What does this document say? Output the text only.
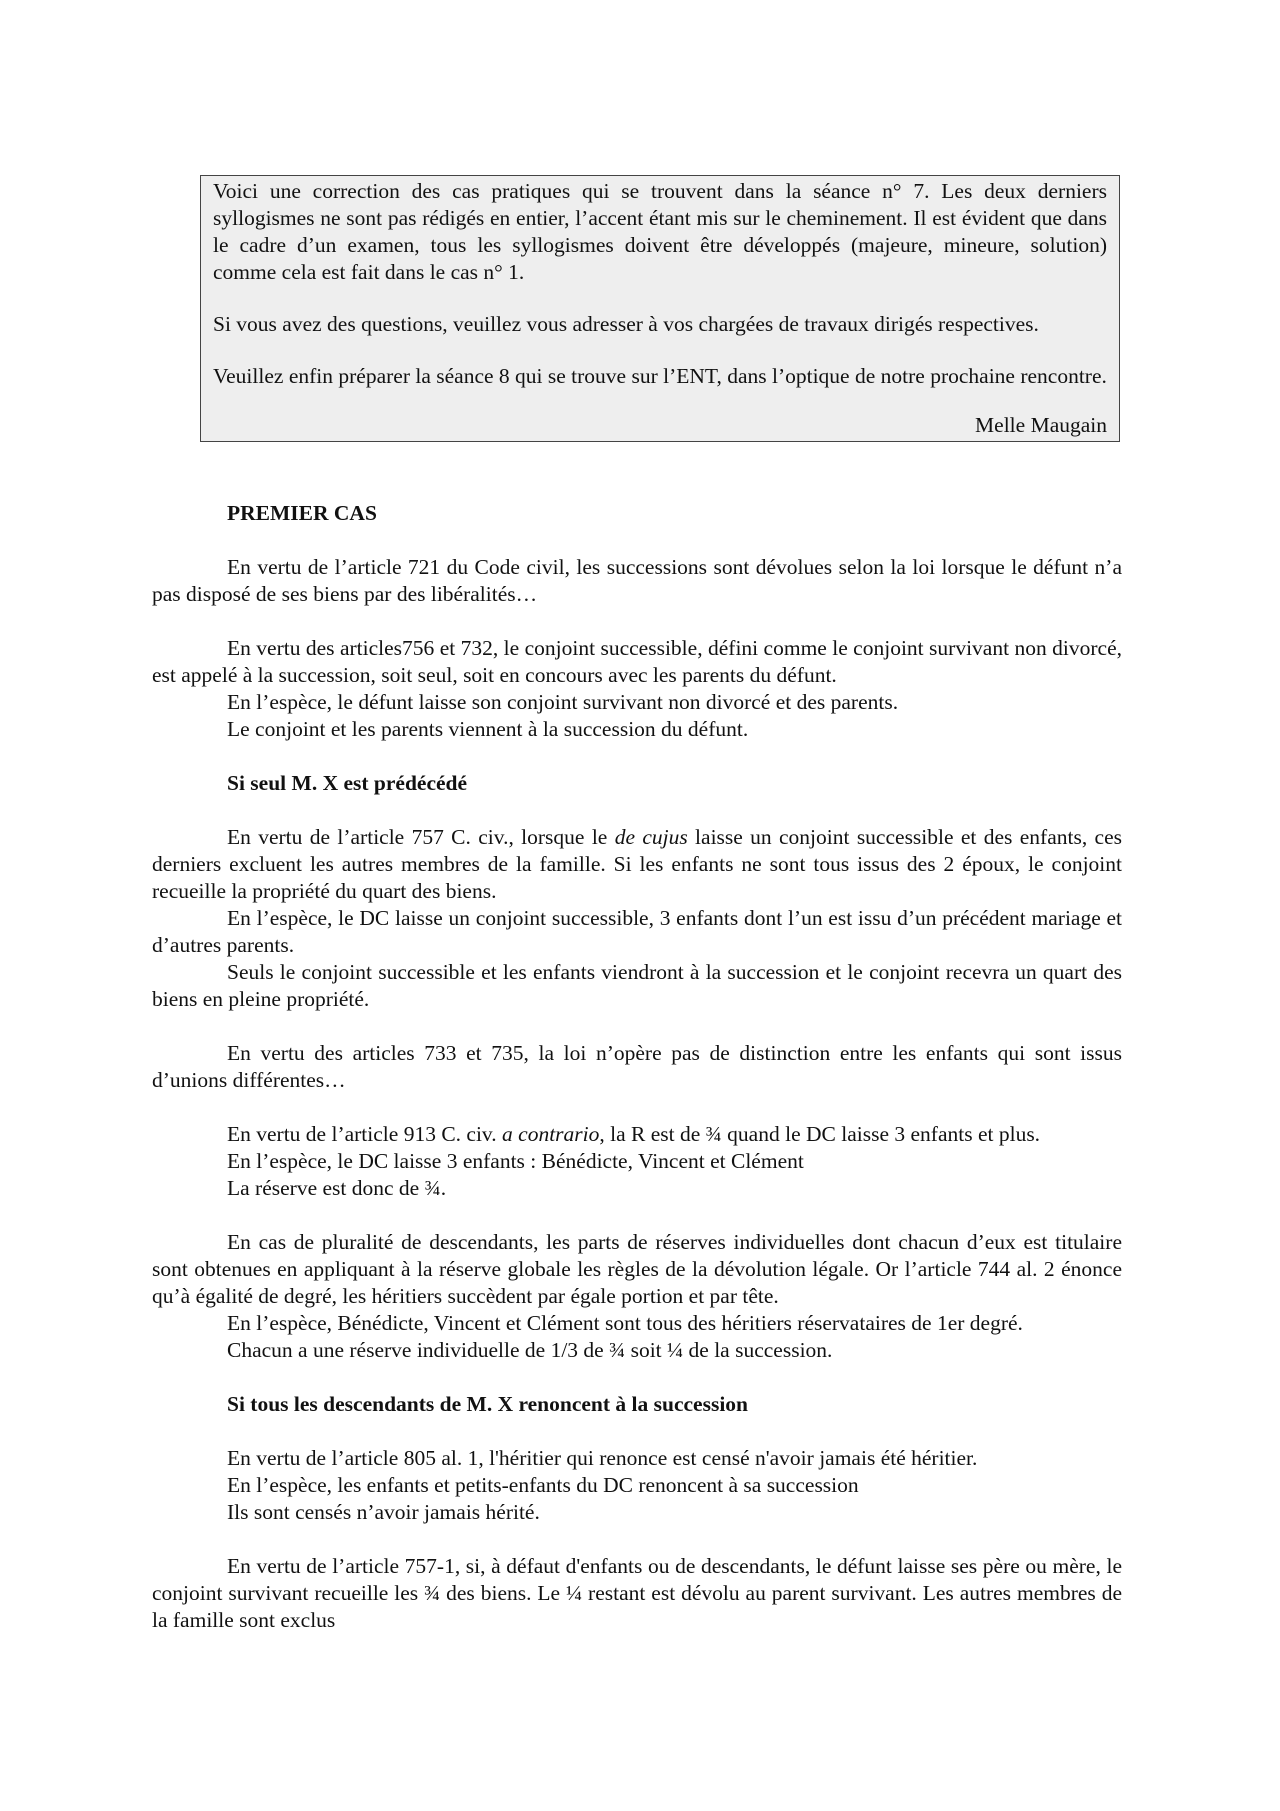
Voici une correction des cas pratiques qui se trouvent dans la séance n° 7. Les deux derniers syllogismes ne sont pas rédigés en entier, l’accent étant mis sur le cheminement. Il est évident que dans le cadre d’un examen, tous les syllogismes doivent être développés (majeure, mineure, solution) comme cela est fait dans le cas n° 1.

Si vous avez des questions, veuillez vous adresser à vos chargées de travaux dirigés respectives.

Veuillez enfin préparer la séance 8 qui se trouve sur l’ENT, dans l’optique de notre prochaine rencontre.

Melle Maugain

PREMIER CAS

En vertu de l’article 721 du Code civil, les successions sont dévolues selon la loi lorsque le défunt n’a pas disposé de ses biens par des libéralités…

En vertu des articles756 et 732, le conjoint successible, défini comme le conjoint survivant non divorcé, est appelé à la succession, soit seul, soit en concours avec les parents du défunt.

En l’espèce, le défunt laisse son conjoint survivant non divorcé et des parents.

Le conjoint et les parents viennent à la succession du défunt.

Si seul M. X est prédécédé

En vertu de l’article 757 C. civ., lorsque le de cujus laisse un conjoint successible et des enfants, ces derniers excluent les autres membres de la famille. Si les enfants ne sont tous issus des 2 époux, le conjoint recueille la propriété du quart des biens.

En l’espèce, le DC laisse un conjoint successible, 3 enfants dont l’un est issu d’un précédent mariage et d’autres parents.

Seuls le conjoint successible et les enfants viendront à la succession et le conjoint recevra un quart des biens en pleine propriété.

En vertu des articles 733 et 735, la loi n’opère pas de distinction entre les enfants qui sont issus d’unions différentes…

En vertu de l’article 913 C. civ. a contrario, la R est de ¾ quand le DC laisse 3 enfants et plus.

En l’espèce, le DC laisse 3 enfants : Bénédicte, Vincent et Clément

La réserve est donc de ¾.

En cas de pluralité de descendants, les parts de réserves individuelles dont chacun d’eux est titulaire sont obtenues en appliquant à la réserve globale les règles de la dévolution légale. Or l’article 744 al. 2 énonce qu’à égalité de degré, les héritiers succèdent par égale portion et par tête.

En l’espèce, Bénédicte, Vincent et Clément sont tous des héritiers réservataires de 1er degré.

Chacun a une réserve individuelle de 1/3 de ¾ soit ¼ de la succession.

Si tous les descendants de M. X renoncent à la succession

En vertu de l’article 805 al. 1, l'héritier qui renonce est censé n'avoir jamais été héritier.

En l’espèce, les enfants et petits-enfants du DC renoncent à sa succession

Ils sont censés n’avoir jamais hérité.

En vertu de l’article 757-1, si, à défaut d'enfants ou de descendants, le défunt laisse ses père ou mère, le conjoint survivant recueille les ¾ des biens. Le ¼ restant est dévolu au parent survivant. Les autres membres de la famille sont exclus
